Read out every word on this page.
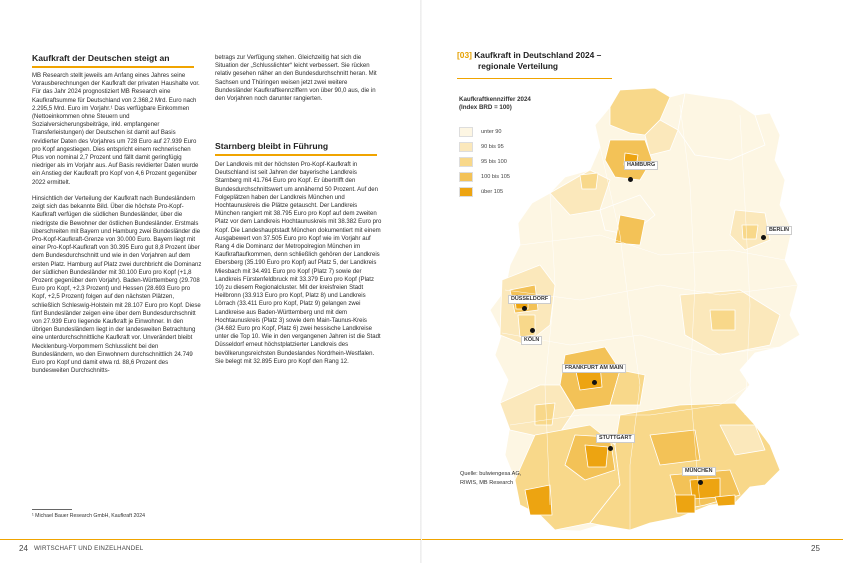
Kaufkraft der Deutschen steigt an

MB Research stellt jeweils am Anfang eines Jahres seine Vorausberechnungen der Kaufkraft der privaten Haushalte vor. Für das Jahr 2024 prognostiziert MB Research eine Kaufkraftsumme für Deutschland von 2.368,2 Mrd. Euro nach 2.295,5 Mrd. Euro im Vorjahr.¹ Das verfügbare Einkommen (Nettoeinkommen ohne Steuern und Sozialversicherungsbeiträge, inkl. empfangener Transferleistungen) der Deutschen ist damit auf Basis revidierter Daten des Vorjahres um 728 Euro auf 27.939 Euro pro Kopf angestiegen. Dies entspricht einem rechnerischen Plus von nominal 2,7 Prozent und fällt damit geringfügig niedriger als im Vorjahr aus. Auf Basis revidierter Daten wurde ein Anstieg der Kaufkraft pro Kopf von 4,6 Prozent gegenüber 2022 ermittelt.

Hinsichtlich der Verteilung der Kaufkraft nach Bundesländern zeigt sich das bekannte Bild. Über die höchste Pro-Kopf-Kaufkraft verfügen die südlichen Bundesländer, über die niedrigste die Bewohner der östlichen Bundesländer. Erstmals überschreiten mit Bayern und Hamburg zwei Bundesländer die Pro-Kopf-Kaufkraft-Grenze von 30.000 Euro. Bayern liegt mit einer Pro-Kopf-Kaufkraft von 30.395 Euro gut 8,8 Prozent über dem Bundesdurchschnitt und wie in den Vorjahren auf dem ersten Platz. Hamburg auf Platz zwei durchbricht die Dominanz der südlichen Bundesländer mit 30.100 Euro pro Kopf (+1,8 Prozent gegenüber dem Vorjahr). Baden-Württemberg (29.708 Euro pro Kopf, +2,3 Prozent) und Hessen (28.693 Euro pro Kopf, +2,5 Prozent) folgen auf den nächsten Plätzen, schließlich Schleswig-Holstein mit 28.107 Euro pro Kopf. Diese fünf Bundesländer zeigen eine über dem Bundesdurchschnitt von 27.939 Euro liegende Kaufkraft je Einwohner. In den übrigen Bundesländern liegt in der landesweiten Betrachtung eine unterdurchschnittliche Kaufkraft vor. Unverändert bleibt Mecklenburg-Vorpommern Schlusslicht bei den Bundesländern, wo den Einwohnern durchschnittlich 24.749 Euro pro Kopf und damit etwa rd. 88,6 Prozent des bundesweiten Durchschnitts-

betrags zur Verfügung stehen. Gleichzeitig hat sich die Situation der „Schlusslichter“ leicht verbessert. Sie rücken relativ gesehen näher an den Bundesdurchschnitt heran. Mit Sachsen und Thüringen weisen jetzt zwei weitere Bundesländer Kaufkraftkennziffern von über 90,0 aus, die in den Vorjahren noch darunter rangierten.

Starnberg bleibt in Führung

Der Landkreis mit der höchsten Pro-Kopf-Kaufkraft in Deutschland ist seit Jahren der bayerische Landkreis Starnberg mit 41.764 Euro pro Kopf. Er übertrifft den Bundesdurchschnittswert um annähernd 50 Prozent. Auf den Folgeplätzen haben der Landkreis München und Hochtaunuskreis die Plätze getauscht. Der Landkreis München rangiert mit 38.795 Euro pro Kopf auf dem zweiten Platz vor dem Landkreis Hochtaunuskreis mit 38.382 Euro pro Kopf. Die Landeshauptstadt München dokumentiert mit einem Ausgabewert von 37.505 Euro pro Kopf wie im Vorjahr auf Rang 4 die Dominanz der Metropolregion München im Kaufkraftaufkommen, denn schließlich gehören der Landkreis Ebersberg (35.190 Euro pro Kopf) auf Platz 5, der Landkreis Miesbach mit 34.491 Euro pro Kopf (Platz 7) sowie der Landkreis Fürstenfeldbruck mit 33.379 Euro pro Kopf (Platz 10) zu diesem Regionalcluster. Mit der kreisfreien Stadt Heilbronn (33.913 Euro pro Kopf, Platz 8) und Landkreis Lörrach (33.411 Euro pro Kopf, Platz 9) gelangen zwei Landkreise aus Baden-Württemberg und mit dem Hochtaunuskreis (Platz 3) sowie dem Main-Taunus-Kreis (34.682 Euro pro Kopf, Platz 6) zwei hessische Landkreise unter die Top 10. Wie in den vergangenen Jahren ist die Stadt Düsseldorf erneut höchstplatzierter Landkreis des bevölkerungsreichsten Bundeslandes Nordrhein-Westfalen. Sie belegt mit 32.895 Euro pro Kopf den Rang 12.

¹ Michael Bauer Research GmbH, Kaufkraft 2024
24 WIRTSCHAFT UND EINZELHANDEL
[03] Kaufkraft in Deutschland 2024 –
regionale Verteilung
HAMBURG
BERLIN
DÜSSELDORF
KÖLN
FRANKFURT AM MAIN
STUTTGART
MÜNCHEN
Kaufkraftkennziffer 2024
(Index BRD = 100)
unter 90
90 bis 95
95 bis 100
100 bis 105
über 105
Quelle: bulwiengesa AG,
RIWIS, MB Research
25
